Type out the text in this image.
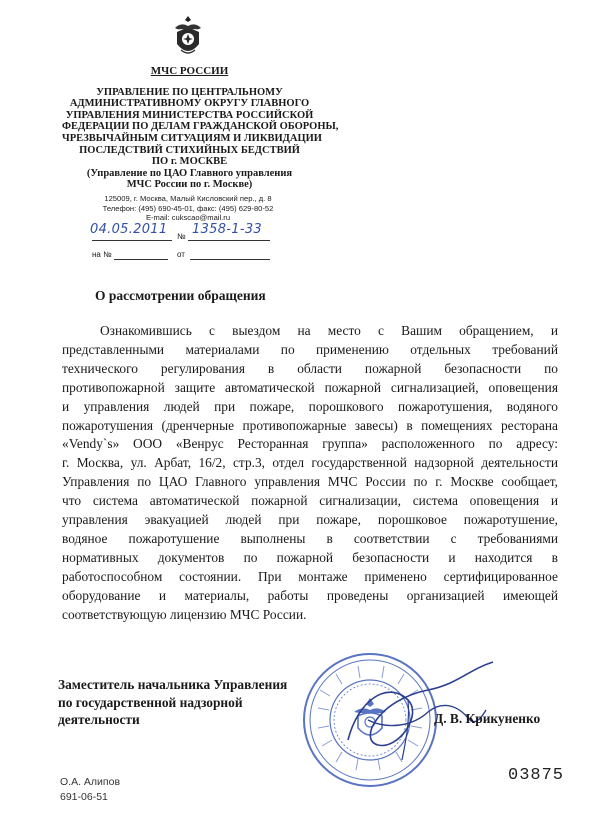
МЧС РОССИИ
УПРАВЛЕНИЕ ПО ЦЕНТРАЛЬНОМУ
АДМИНИСТРАТИВНОМУ ОКРУГУ ГЛАВНОГО
УПРАВЛЕНИЯ МИНИСТЕРСТВА РОССИЙСКОЙ
ФЕДЕРАЦИИ ПО ДЕЛАМ ГРАЖДАНСКОЙ ОБОРОНЫ,
ЧРЕЗВЫЧАЙНЫМ СИТУАЦИЯМ И ЛИКВИДАЦИИ
ПОСЛЕДСТВИЙ СТИХИЙНЫХ БЕДСТВИЙ
ПО г. МОСКВЕ
(Управление по ЦАО Главного управления
МЧС России по г. Москве)
125009, г. Москва, Малый Кисловский пер., д. 8
Телефон: (495) 690-45-01, факс: (495) 629-80-52
E-mail: cukscao@mail.ru
04.05.2011 № 1358-1-33
на №	от
О рассмотрении обращения
Ознакомившись с выездом на место с Вашим обращением, и
представленными материалами по применению отдельных требований
технического регулирования в области пожарной безопасности по
противопожарной защите автоматической пожарной сигнализацией, оповещения
и управления людей при пожаре, порошкового пожаротушения, водяного
пожаротушения (дренчерные противопожарные завесы) в помещениях ресторана
«Vendy`s» ООО «Венрус Ресторанная группа» расположенного по адресу:
г. Москва, ул. Арбат, 16/2, стр.3, отдел государственной надзорной деятельности
Управления по ЦАО Главного управления МЧС России по г. Москве сообщает,
что система автоматической пожарной сигнализации, система оповещения и
управления эвакуацией людей при пожаре, порошковое пожаротушение,
водяное пожаротушение выполнены в соответствии с требованиями
нормативных документов по пожарной безопасности и находится в
работоспособном состоянии. При монтаже применено сертифицированное
оборудование и материалы, работы проведены организацией имеющей
соответствующую лицензию МЧС России.
Заместитель начальника Управления
по государственной надзорной
деятельности	Д. В. Крикуненко
О.А. Алипов
691-06-51
03875
